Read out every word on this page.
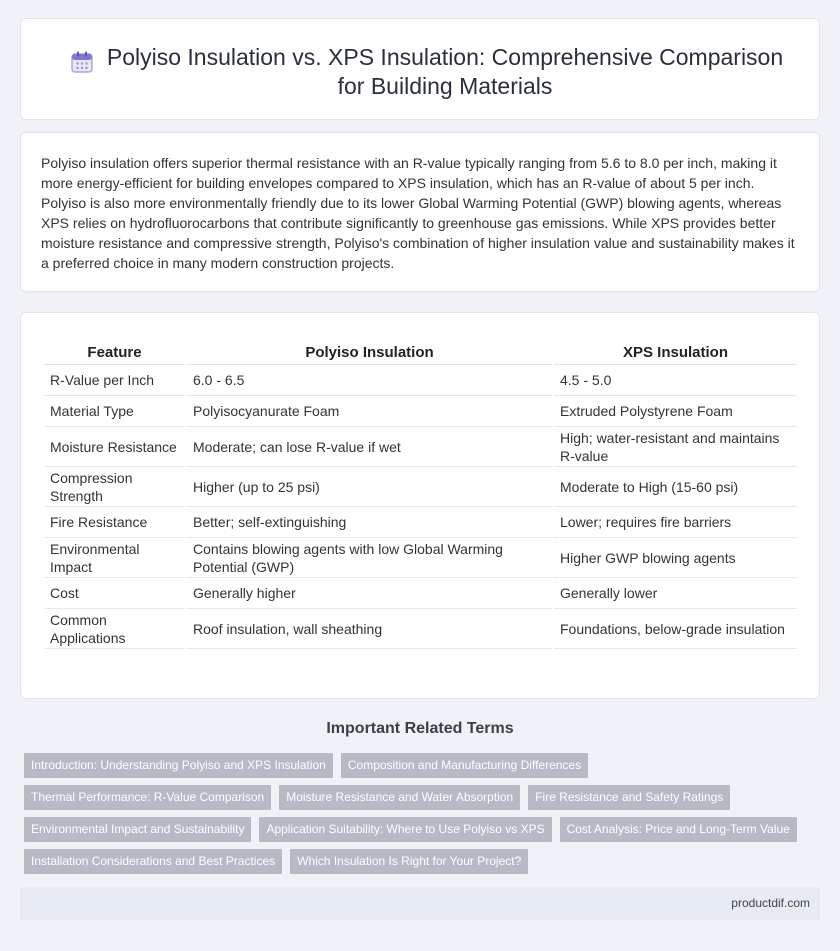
Polyiso Insulation vs. XPS Insulation: Comprehensive Comparison for Building Materials

Polyiso insulation offers superior thermal resistance with an R-value typically ranging from 5.6 to 8.0 per inch, making it more energy-efficient for building envelopes compared to XPS insulation, which has an R-value of about 5 per inch. Polyiso is also more environmentally friendly due to its lower Global Warming Potential (GWP) blowing agents, whereas XPS relies on hydrofluorocarbons that contribute significantly to greenhouse gas emissions. While XPS provides better moisture resistance and compressive strength, Polyiso's combination of higher insulation value and sustainability makes it a preferred choice in many modern construction projects.

Feature	Polyiso Insulation	XPS Insulation
R-Value per Inch	6.0 - 6.5	4.5 - 5.0
Material Type	Polyisocyanurate Foam	Extruded Polystyrene Foam
Moisture Resistance	Moderate; can lose R-value if wet	High; water-resistant and maintains R-value
Compression Strength	Higher (up to 25 psi)	Moderate to High (15-60 psi)
Fire Resistance	Better; self-extinguishing	Lower; requires fire barriers
Environmental Impact	Contains blowing agents with low Global Warming Potential (GWP)	Higher GWP blowing agents
Cost	Generally higher	Generally lower
Common Applications	Roof insulation, wall sheathing	Foundations, below-grade insulation
Important Related Terms
Introduction: Understanding Polyiso and XPS Insulation	Composition and Manufacturing Differences
Thermal Performance: R-Value Comparison	Moisture Resistance and Water Absorption	Fire Resistance and Safety Ratings
Environmental Impact and Sustainability	Application Suitability: Where to Use Polyiso vs XPS	Cost Analysis: Price and Long-Term Value
Installation Considerations and Best Practices	Which Insulation Is Right for Your Project?
productdif.com
